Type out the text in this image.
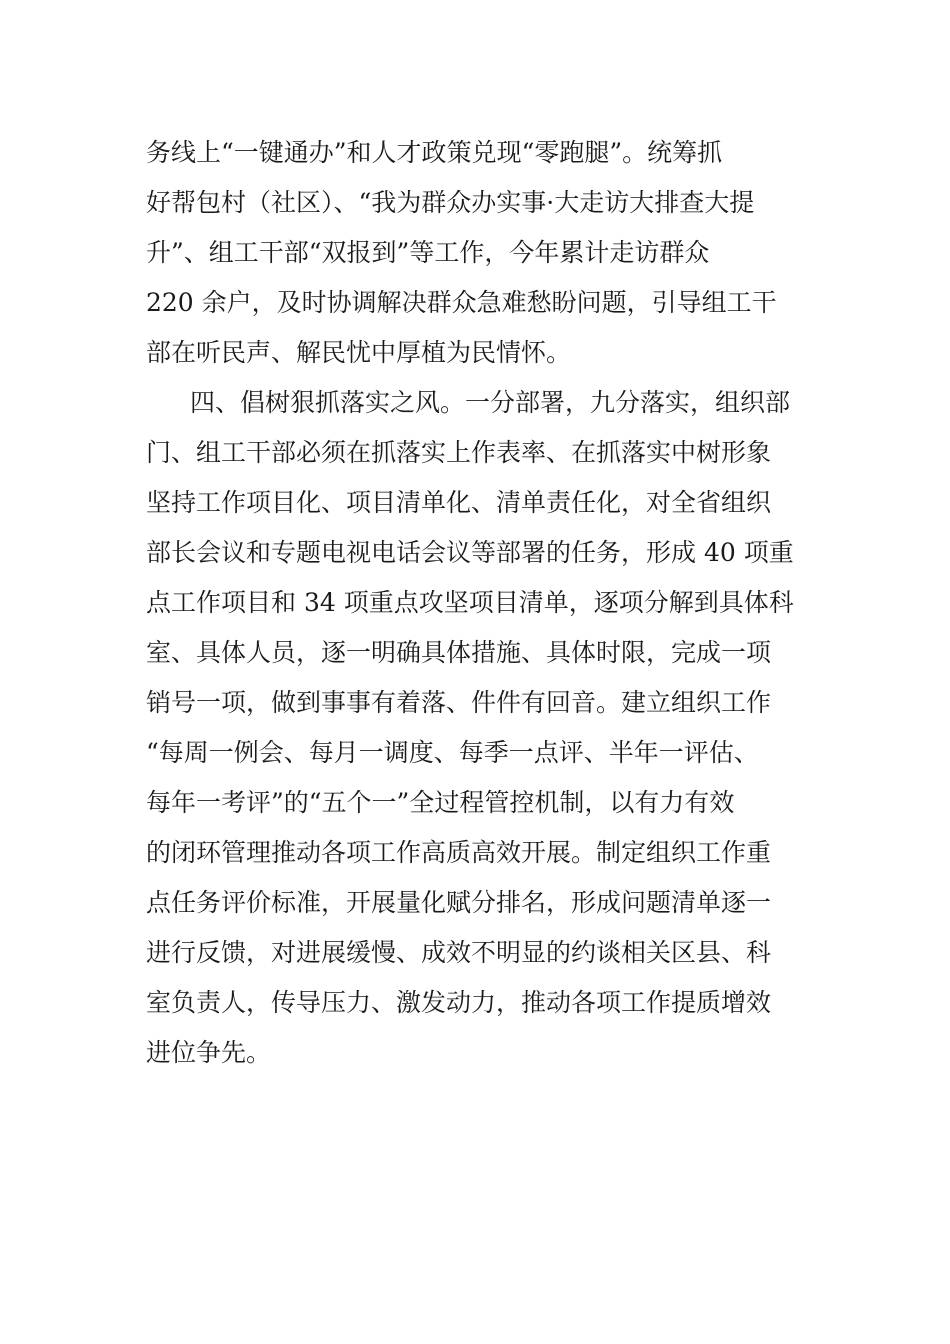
务线上“一键通办”和人才政策兑现“零跑腿”。统筹抓
好帮包村（社区）、“我为群众办实事·大走访大排查大提
升”、组工干部“双报到”等工作，今年累计走访群众
220 余户，及时协调解决群众急难愁盼问题，引导组工干
部在听民声、解民忧中厚植为民情怀。
四、倡树狠抓落实之风。一分部署，九分落实，组织部
门、组工干部必须在抓落实上作表率、在抓落实中树形象
坚持工作项目化、项目清单化、清单责任化，对全省组织
部长会议和专题电视电话会议等部署的任务，形成 40 项重
点工作项目和 34 项重点攻坚项目清单，逐项分解到具体科
室、具体人员，逐一明确具体措施、具体时限，完成一项
销号一项，做到事事有着落、件件有回音。建立组织工作
“每周一例会、每月一调度、每季一点评、半年一评估、
每年一考评”的“五个一”全过程管控机制，以有力有效
的闭环管理推动各项工作高质高效开展。制定组织工作重
点任务评价标准，开展量化赋分排名，形成问题清单逐一
进行反馈，对进展缓慢、成效不明显的约谈相关区县、科
室负责人，传导压力、激发动力，推动各项工作提质增效
进位争先。
